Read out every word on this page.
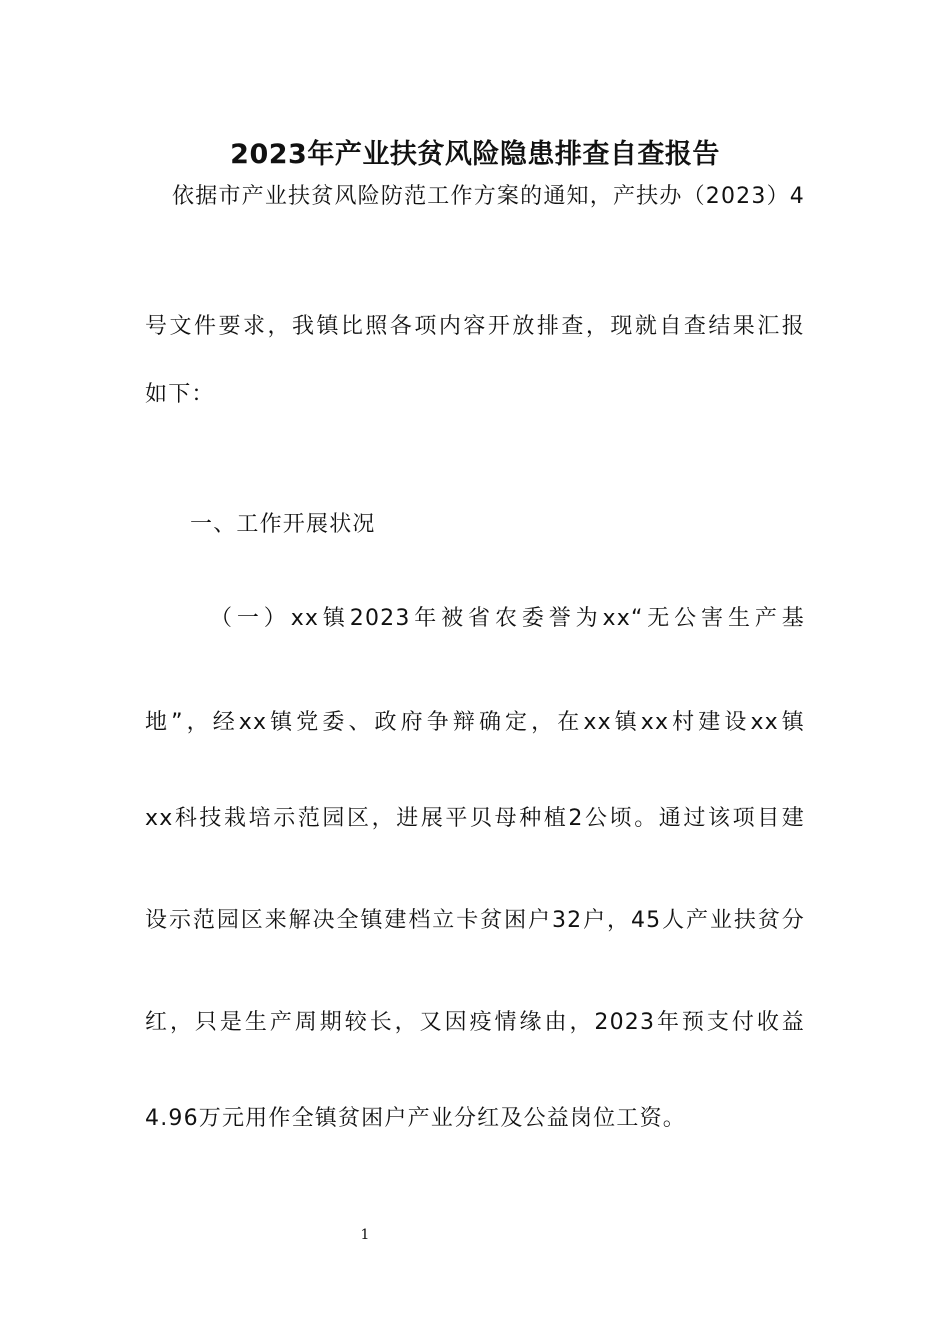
2023年产业扶贫风险隐患排查自查报告
依据市产业扶贫风险防范工作方案的通知，产扶办（2023）4
号文件要求，我镇比照各项内容开放排查，现就自查结果汇报
如下：
一、工作开展状况
（一）xx镇2023年被省农委誉为xx“无公害生产基
地”，经xx镇党委、政府争辩确定，在xx镇xx村建设xx镇
xx科技栽培示范园区，进展平贝母种植2公顷。通过该项目建
设示范园区来解决全镇建档立卡贫困户32户，45人产业扶贫分
红，只是生产周期较长，又因疫情缘由，2023年预支付收益
4.96万元用作全镇贫困户产业分红及公益岗位工资。
1
